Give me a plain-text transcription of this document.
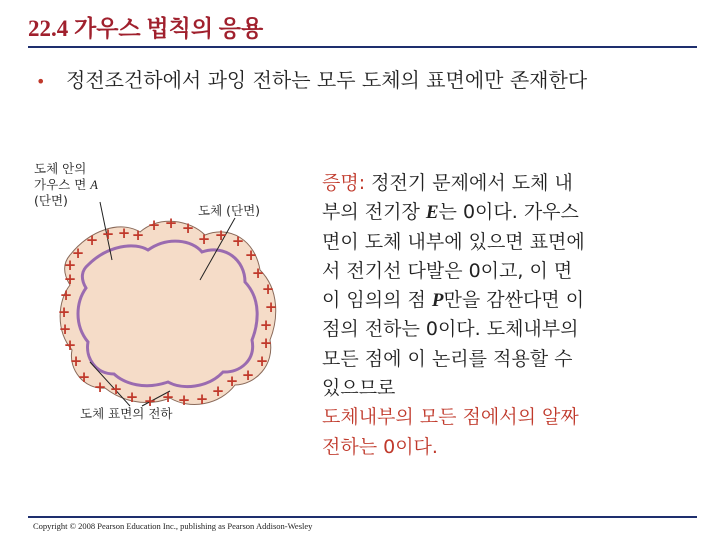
22.4 가우스 법칙의 응용
• 정전조건하에서 과잉 전하는 모두 도체의 표면에만 존재한다
+
+ + + +
+ + +
+ + +
+
+
+
+
+
+
+
+
+
+
+
+
+
+
+
+
+
+
+
+
+
+
+
+
+
도체 안의
가우스 면 A
(단면)
도체 (단면)
도체 표면의 전하
증명: 정전기 문제에서 도체 내
부의 전기장 E는 0이다. 가우스
면이 도체 내부에 있으면 표면에
서 전기선 다발은 0이고, 이 면
이 임의의 점 P만을 감싼다면 이
점의 전하는 0이다. 도체내부의
모든 점에 이 논리를 적용할 수
있으므로
도체내부의 모든 점에서의 알짜
전하는 0이다.
Copyright © 2008 Pearson Education Inc., publishing as Pearson Addison-Wesley
